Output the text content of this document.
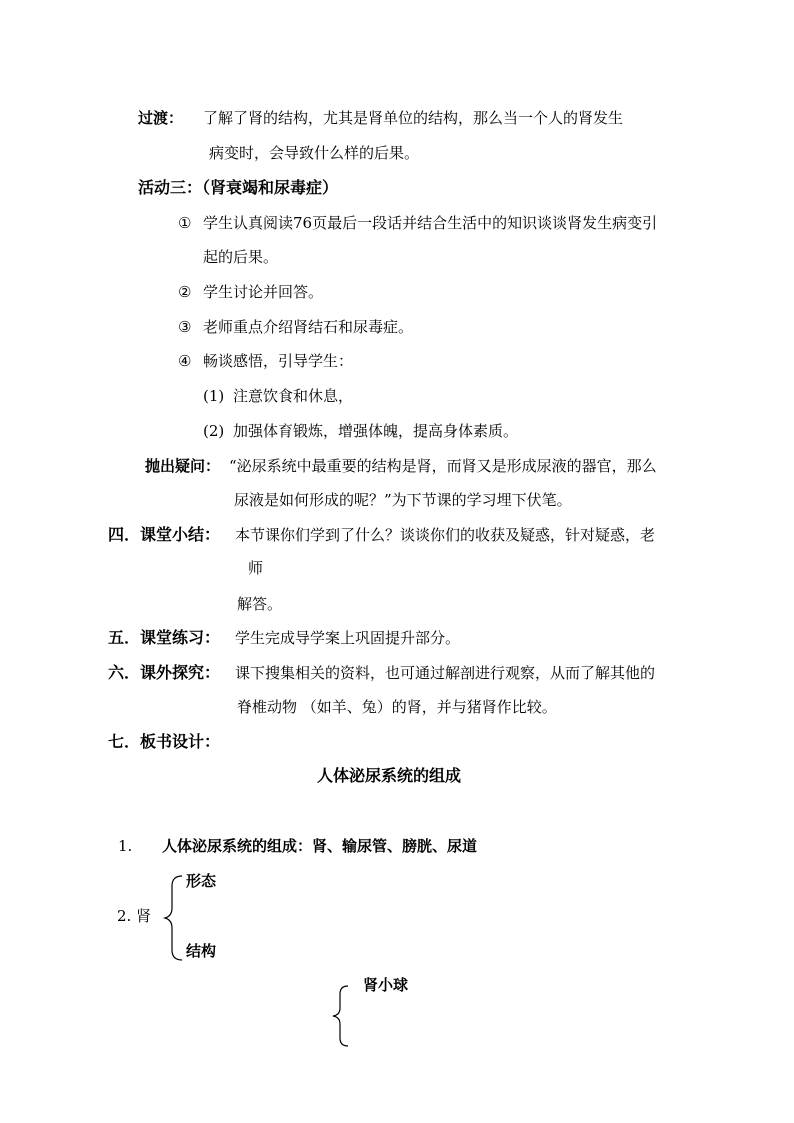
过渡： 了解了肾的结构，尤其是肾单位的结构，那么当一个人的肾发生
病变时，会导致什么样的后果。
活动三：（肾衰竭和尿毒症）
① 学生认真阅读76页最后一段话并结合生活中的知识谈谈肾发生病变引
起的后果。
② 学生讨论并回答。
③ 老师重点介绍肾结石和尿毒症。
④ 畅谈感悟，引导学生：
(1) 注意饮食和休息，
(2) 加强体育锻炼，增强体魄，提高身体素质。
抛出疑问： “泌尿系统中最重要的结构是肾，而肾又是形成尿液的器官，那么
尿液是如何形成的呢？”为下节课的学习埋下伏笔。
四．课堂小结： 本节课你们学到了什么？谈谈你们的收获及疑惑，针对疑惑，老
师
解答。
五．课堂练习： 学生完成导学案上巩固提升部分。
六．课外探究： 课下搜集相关的资料，也可通过解剖进行观察，从而了解其他的
脊椎动物 （如羊、兔）的肾，并与猪肾作比较。
七．板书设计：
人体泌尿系统的组成
1. 人体泌尿系统的组成：肾、输尿管、膀胱、尿道
2. 肾
形态
结构
肾小球
